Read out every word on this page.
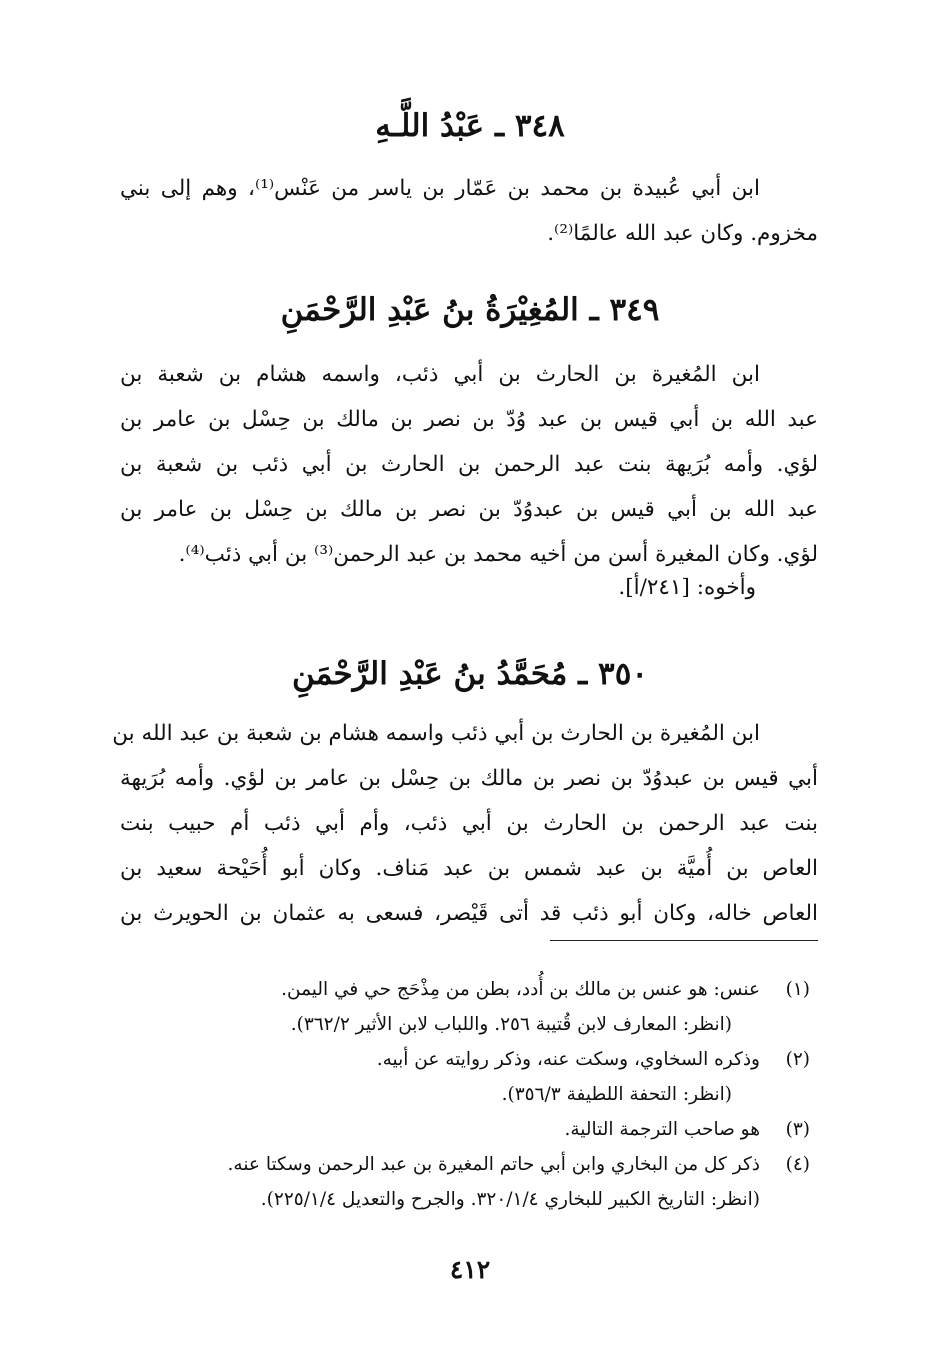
٣٤٨ ـ عَبْدُ اللَّـهِ
ابن أبي عُبيدة بن محمد بن عَمّار بن ياسر من عَنْس⁽¹⁾، وهم إلى بني
مخزوم. وكان عبد الله عالمًا⁽²⁾.
٣٤٩ ـ المُغِيْرَةُ بنُ عَبْدِ الرَّحْمَنِ
ابن المُغيرة بن الحارث بن أبي ذئب، واسمه هشام بن شعبة بن
عبد الله بن أبي قيس بن عبد وُدّ بن نصر بن مالك بن حِسْل بن عامر بن
لؤي. وأمه بُرَيهة بنت عبد الرحمن بن الحارث بن أبي ذئب بن شعبة بن
عبد الله بن أبي قيس بن عبدوُدّ بن نصر بن مالك بن حِسْل بن عامر بن
لؤي. وكان المغيرة أسن من أخيه محمد بن عبد الرحمن⁽³⁾ بن أبي ذئب⁽⁴⁾.

وأخوه: [٢٤١/أ].

٣٥٠ ـ مُحَمَّدُ بنُ عَبْدِ الرَّحْمَنِ
ابن المُغيرة بن الحارث بن أبي ذئب واسمه هشام بن شعبة بن عبد الله بن
أبي قيس بن عبدوُدّ بن نصر بن مالك بن حِسْل بن عامر بن لؤي. وأمه بُرَيهة
بنت عبد الرحمن بن الحارث بن أبي ذئب، وأم أبي ذئب أم حبيب بنت
العاص بن أُميَّة بن عبد شمس بن عبد مَناف. وكان أبو أُحَيْحة سعيد بن
العاص خاله، وكان أبو ذئب قد أتى قَيْصر، فسعى به عثمان بن الحويرث بن
(١)
عنس: هو عنس بن مالك بن أُدد، بطن من مِذْحَج حي في اليمن.
(انظر: المعارف لابن قُتيبة ٢٥٦. واللباب لابن الأثير ٣٦٢/٢).
(٢)
وذكره السخاوي، وسكت عنه، وذكر روايته عن أبيه.
(انظر: التحفة اللطيفة ٣٥٦/٣).
(٣)
هو صاحب الترجمة التالية.
(٤)
ذكر كل من البخاري وابن أبي حاتم المغيرة بن عبد الرحمن وسكتا عنه.
(انظر: التاريخ الكبير للبخاري ٣٢٠/١/٤. والجرح والتعديل ٢٢٥/١/٤).
٤١٢
